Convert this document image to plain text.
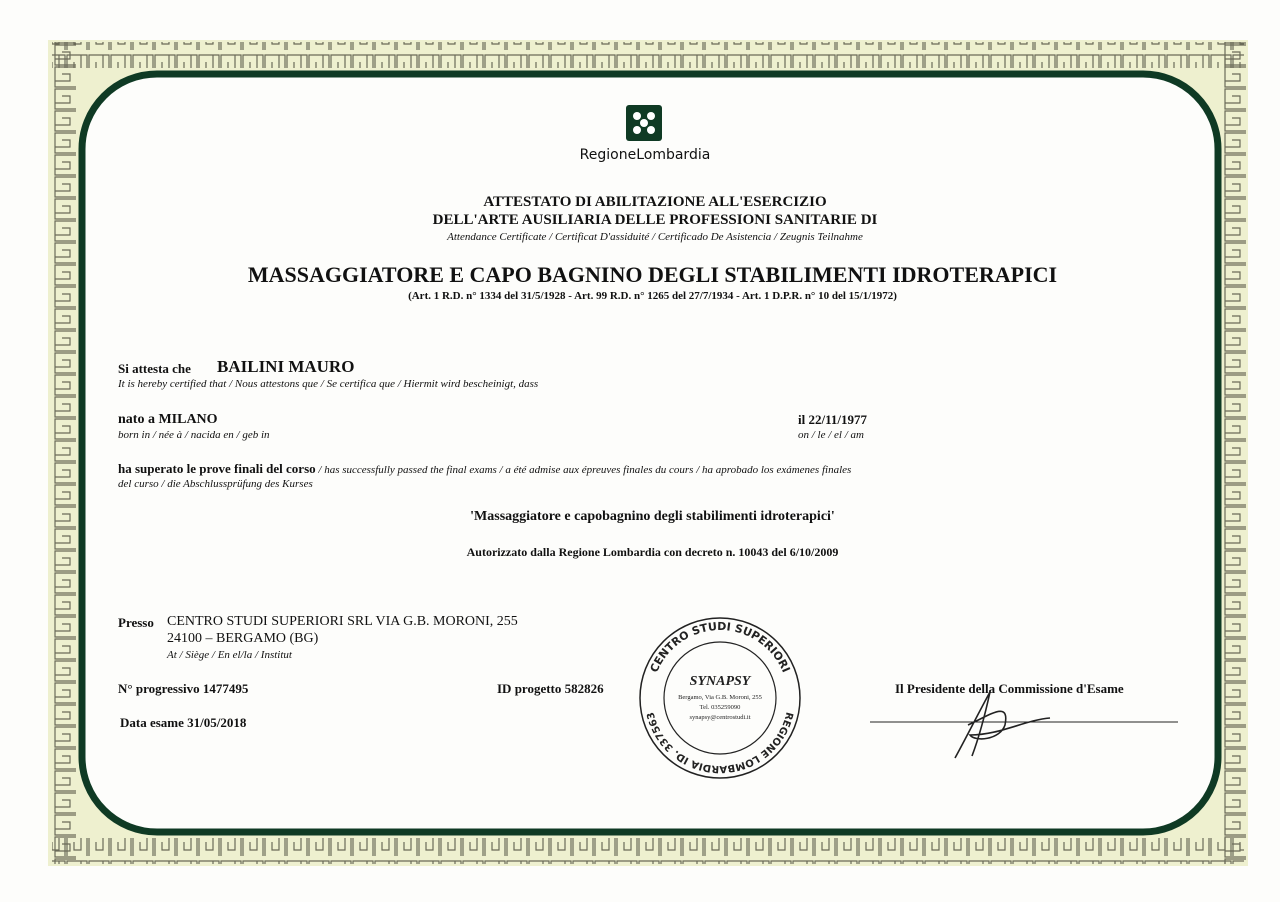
RegioneLombardia
ATTESTATO DI ABILITAZIONE ALL'ESERCIZIO
DELL'ARTE AUSILIARIA DELLE PROFESSIONI SANITARIE DI
Attendance Certificate / Certificat D'assiduité / Certificado De Asistencia / Zeugnis Teilnahme
MASSAGGIATORE E CAPO BAGNINO DEGLI STABILIMENTI IDROTERAPICI
(Art. 1 R.D. n° 1334 del 31/5/1928 - Art. 99 R.D. n° 1265 del 27/7/1934 - Art. 1 D.P.R. n° 10 del 15/1/1972)
Si attesta che BAILINI MAURO
It is hereby certified that / Nous attestons que / Se certifica que / Hiermit wird bescheinigt, dass
nato a MILANO
born in / née à / nacida en / geb in
il 22/11/1977
on / le / el / am
ha superato le prove finali del corso / has successfully passed the final exams / a été admise aux épreuves finales du cours / ha aprobado los exámenes finales
del curso / die Abschlussprüfung des Kurses
'Massaggiatore e capobagnino degli stabilimenti idroterapici'
Autorizzato dalla Regione Lombardia con decreto n. 10043 del 6/10/2009
Presso CENTRO STUDI SUPERIORI SRL VIA G.B. MORONI, 255
24100 – BERGAMO (BG)
At / Siège / En el/la / Institut
N° progressivo 1477495	ID progetto 582826
Data esame 31/05/2018
Il Presidente della Commissione d'Esame
CENTRO STUDI SUPERIORI
REGIONE LOMBARDIA ID. 337563
SYNAPSY
Bergamo, Via G.B. Moroni, 255
Tel. 035259090
synapsy@centrostudi.it
